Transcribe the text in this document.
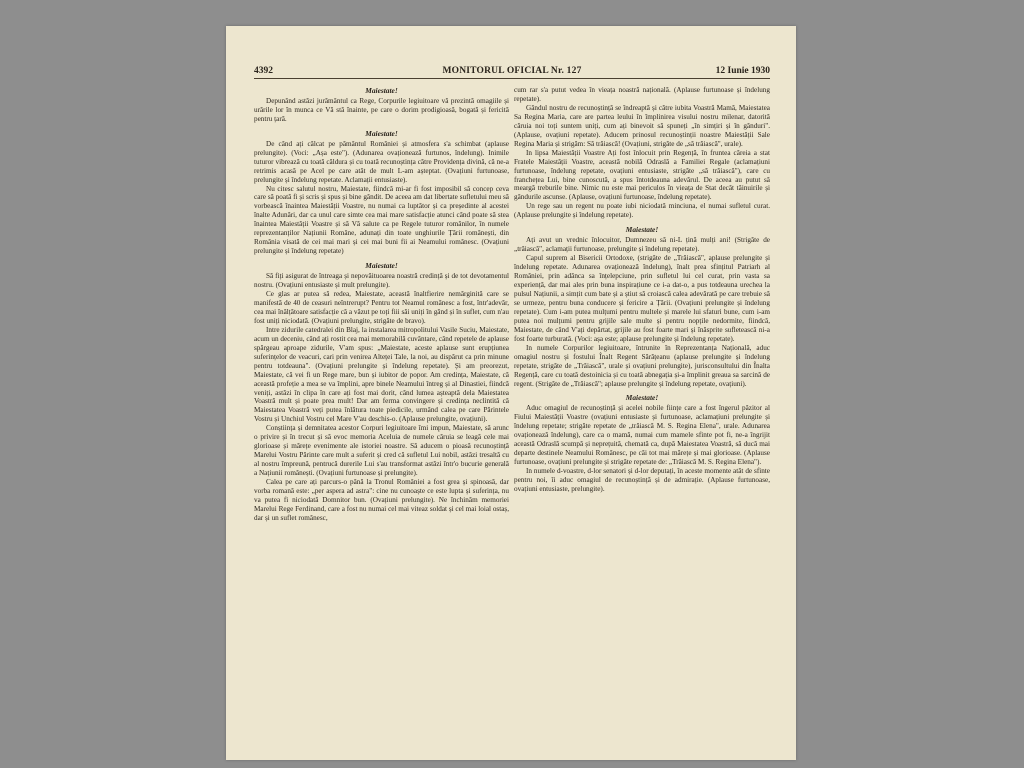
4392	MONITORUL OFICIAL Nr. 127	12 Iunie 1930

Maiestate!

Depunând astăzi jurământul ca Rege, Corpurile legiuitoare vă prezintă omagiile și urările lor în munca ce Vă stă înainte, pe care o dorim prodigioasă, bogată și fericită pentru țară.

Maiestate!

De când ați călcat pe pământul României și atmosfera s'a schimbat (aplause prelungite). (Voci: „Așa este"). (Adunarea ovaționează furtunos, îndelung). Inimile tuturor vibrează cu toată căldura și cu toată recunoștința către Providența divină, că ne-a retrimis acasă pe Acel pe care atât de mult L-am așteptat. (Ovațiuni furtunoase, prelungite și îndelung repetate. Aclamații entusiaste).

Nu citesc salutul nostru, Maiestate, fiindcă mi-ar fi fost imposibil să concep ceva care să poată fi și scris și spus și bine gândit. De aceea am dat libertate sufletului meu să vorbească înaintea Maiestății Voastre, nu numai ca luptător și ca președinte al acestei înalte Adunări, dar ca unul care simte cea mai mare satisfacție atunci când poate să stea înaintea Maiestății Voastre și să Vă salute ca pe Regele tuturor românilor, în numele reprezentanților Națiunii Române, adunați din toate unghiurile Țării românești, din România visată de cei mai mari și cei mai buni fii ai Neamului românesc. (Ovațiuni prelungite și îndelung repetate)

Maiestate!

Să fiți asigurat de întreaga și nepovăituoarea noastră credință și de tot devotamentul nostru. (Ovațiuni entusiaste și mult prelungite).

Ce glas ar putea să redea, Maiestate, această înaltfierire nemărginită care se manifestă de 40 de ceasuri neîntrerupt? Pentru tot Neamul românesc a fost, într'adevăr, cea mai înălțătoare satisfacție că a văzut pe toți fiii săi uniți în gând și în suflet, cum n'au fost uniți niciodată. (Ovațiuni prelungite, strigăte de bravo).

Intre zidurile catedralei din Blaj, la instalarea mitropolitului Vasile Suciu, Maiestate, acum un deceniu, când ați rostit cea mai memorabilă cuvântare, când repetele de aplause spărgeau aproape zidurile, V'am spus: „Maiestate, aceste aplause sunt erupțiunea suferințelor de veacuri, cari prin venirea Alteței Tale, la noi, au dispărut ca prin minune pentru totdeauna". (Ovațiuni prelungite și îndelung repetate). Și am preorezut, Maiestate, că vei fi un Rege mare, bun și iubitor de popor. Am credința, Maiestate, că această profeție a mea se va împlini, apre binele Neamului întreg și al Dinastiei, fiindcă veniți, astăzi în clipa în care ați fost mai dorit, când lumea așteaptă dela Maiestatea Voastră mult și poate prea mult! Dar am ferma convingere și credința neclintită că Maiestatea Voastră veți putea înlătura toate piedicile, urmând calea pe care Părintele Vostru și Unchiul Vostru cel Mare V'au deschis-o. (Aplause prelungite, ovațiuni).

Conștiința și demnitatea acestor Corpuri legiuitoare îmi impun, Maiestate, să arunc o privire și în trecut și să evoc memoria Aceluia de numele căruia se leagă cele mai glorioase și mărețe evenimente ale istoriei noastre. Să aducem o pioasă recunoștință Marelui Vostru Părinte care mult a suferit și cred că sufletul Lui nobil, astăzi tresaltă cu al nostru împreună, pentrucă durerile Lui s'au transformat astăzi într'o bucurie generală a Națiunii românești. (Ovațiuni furtunoase și prelungite).

Calea pe care ați parcurs-o până la Tronul României a fost grea și spinoasă, dar vorba romană este: „per aspera ad astra": cine nu cunoaște ce este lupta și suferința, nu va putea fi niciodată Domnitor bun. (Ovațiuni prelungite). Ne închinăm memoriei Marelui Rege Ferdinand, care a fost nu numai cel mai viteaz soldat și cel mai loial ostaș, dar și un suflet românesc,

cum rar s'a putut vedea în vieața noastră națională. (Aplause furtunoase și îndelung repetate).

Gândul nostru de recunoștință se îndreaptă și către iubita Voastră Mamă, Maiestatea Sa Regina Maria, care are partea leului în împlinirea visului nostru milenar, datorită căruia noi toți suntem uniți, cum ați binevoit să spuneți „în simțiri și în gânduri". (Aplause, ovațiuni repetate). Aducem prinosul recunoștinții noastre Maiestății Sale Regina Maria și strigăm: Să trăiască! (Ovațiuni, strigăte de „să trăiască", urale).

In lipsa Maiestății Voastre Ați fost înlocuit prin Regență, în fruntea căreia a stat Fratele Maiestății Voastre, această nobilă Odraslă a Familiei Regale (aclamațiuni furtunoase, îndelung repetate, ovațiuni entusiaste, strigăte „să trăiască"), care cu franchețea Lui, bine cunoscută, a spus întotdeauna adevărul. De aceea au putut să meargă treburile bine. Nimic nu este mai periculos în vieața de Stat decât tăinuirile și gândurile ascunse. (Aplause, ovațiuni furtunoase, îndelung repetate).

Un rege sau un regent nu poate iubi niciodată minciuna, el numai sufletul curat. (Aplause prelungite și îndelung repetate).

Maiestate!

Ați avut un vrednic înlocuitor, Dumnezeu să ni-L țină mulți ani! (Strigăte de „trăiască", aclamații furtunoase, prelungite și îndelung repetate).

Capul suprem al Bisericii Ortodoxe, (strigăte de „Trăiască", aplause prelungite și îndelung repetate. Adunarea ovaționează îndelung), înalt prea sfințitul Patriarh al României, prin adânca sa înțelepciune, prin sufletul lui cel curat, prin vasta sa experiență, dar mai ales prin buna inspirațiune ce i-a dat-o, a pus totdeauna urechea la pulsul Națiunii, a simțit cum bate și a știut să croiască calea adevărată pe care trebuie să se urmeze, pentru buna conducere și fericire a Țării. (Ovațiuni prelungite și îndelung repetate). Cum i-am putea mulțumi pentru multele și marele lui sfaturi bune, cum i-am putea noi mulțumi pentru grijile sale multe și pentru nopțile nedormite, fiindcă, Maiestate, de când V'ați depărtat, grijile au fost foarte mari și înăsprite sufletească ni-a fost foarte turburată. (Voci: așa este; aplause prelungite și îndelung repetate).

In numele Corpurilor legiuitoare, întrunite în Reprezentanța Națională, aduc omagiul nostru și fostului Înalt Regent Sărățeanu (aplause prelungite și îndelung repetate, strigăte de „Trăiască", urale și ovațiuni prelungite), jurisconsultului din Înalta Regență, care cu toată destoinicia și cu toată abnegația și-a împlinit greaua sa sarcină de regent. (Strigăte de „Trăiască"; aplause prelungite și îndelung repetate, ovațiuni).

Maiestate!

Aduc omagiul de recunoștință și acelei nobile ființe care a fost îngerul păzitor al Fiului Maiestății Voastre (ovațiuni entusiaste și furtunoase, aclamațiuni prelungite și îndelung repetate; strigăte repetate de „trăiască M. S. Regina Elena", urale. Adunarea ovaționează îndelung), care ca o mamă, numai cum mamele sfinte pot fi, ne-a îngrijit această Odraslă scumpă și neprețuită, chemată ca, după Maiestatea Voastră, să ducă mai departe destinele Neamului Românesc, pe căi tot mai mărețe și mai glorioase. (Aplause furtunoase, ovațiuni prelungite și strigăte repetate de: „Trăiască M. S. Regina Elena").

In numele d-voastre, d-lor senatori și d-lor deputați, în aceste momente atât de sfinte pentru noi, îi aduc omagiul de recunoștință și de admirație. (Aplause furtunoase, ovațiuni entusiaste, prelungite).
